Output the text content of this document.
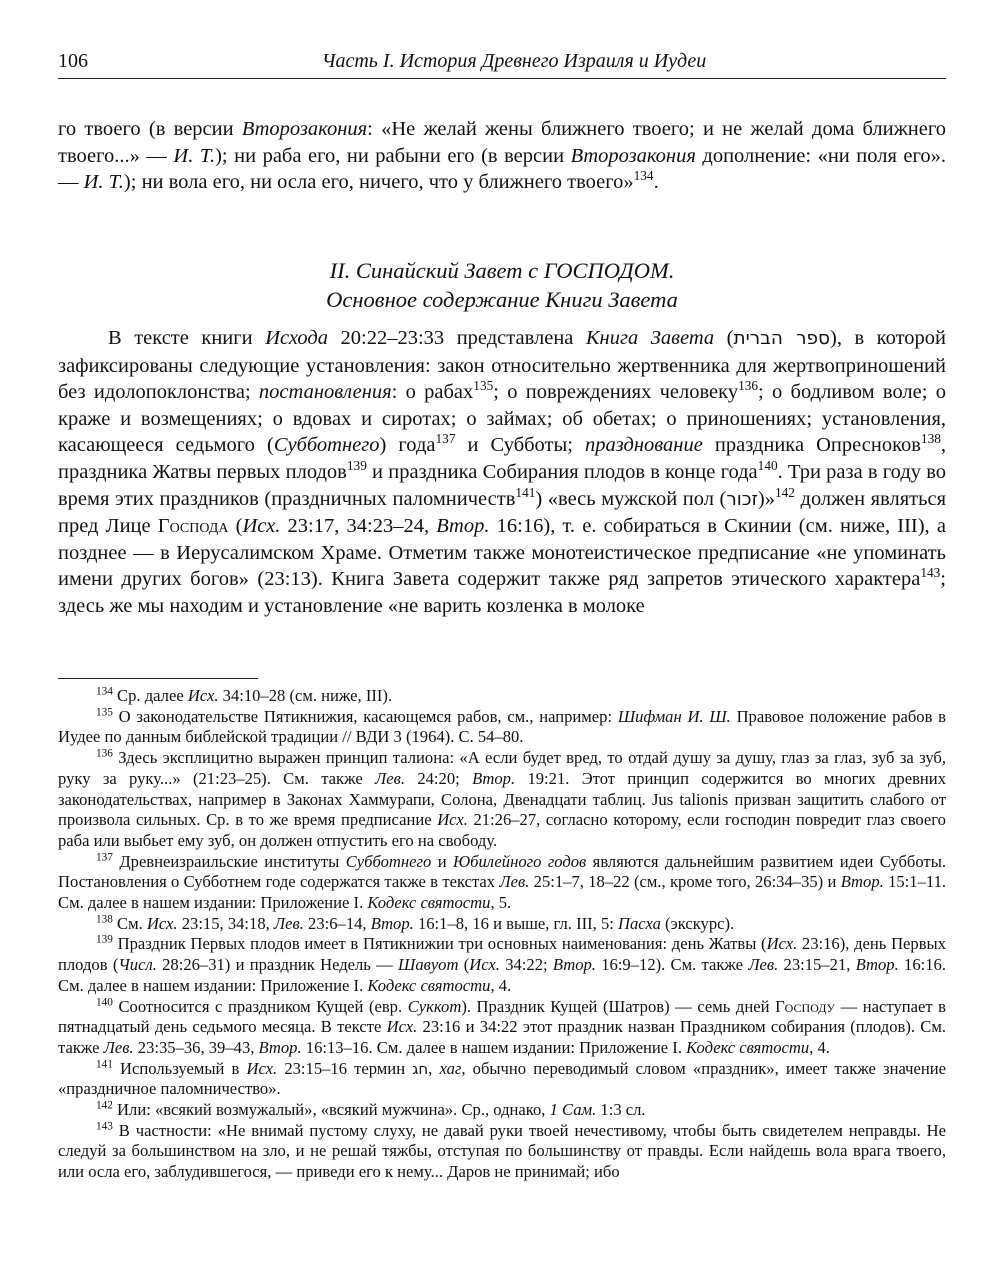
106	Часть I. История Древнего Израиля и Иудеи
го твоего (в версии Второзакония: «Не желай жены ближнего твоего; и не желай дома ближнего твоего...» — И. Т.); ни раба его, ни рабыни его (в версии Второзакония дополнение: «ни поля его». — И. Т.); ни вола его, ни осла его, ничего, что у ближнего твоего»$^{134}$.
II. Синайский Завет с ГОСПОДОМ.
Основное содержание Книги Завета

В тексте книги Исхода 20:22–23:33 представлена Книга Завета (ספר הברית), в которой зафиксированы следующие установления: закон относительно жертвенника для жертвоприношений без идолопоклонства; постановления: о рабах$^{135}$; о повреждениях человеку$^{136}$; о бодливом воле; о краже и возмещениях; о вдовах и сиротах; о займах; об обетах; о приношениях; установления, касающееся седьмого (Субботнего) года$^{137}$ и Субботы; празднование праздника Опресноков$^{138}$, праздника Жатвы первых плодов$^{139}$ и праздника Собирания плодов в конце года$^{140}$. Три раза в году во время этих праздников (праздничных паломничеств$^{141}$) «весь мужской пол (זכור)»$^{142}$ должен являться пред Лице Господа (Исх. 23:17, 34:23–24, Втор. 16:16), т. е. собираться в Скинии (см. ниже, III), а позднее — в Иерусалимском Храме. Отметим также монотеистическое предписание «не упоминать имени других богов» (23:13). Книга Завета содержит также ряд запретов этического характера$^{143}$; здесь же мы находим и установление «не варить козленка в молоке

$^{134}$ Ср. далее Исх. 34:10–28 (см. ниже, III).

$^{135}$ О законодательстве Пятикнижия, касающемся рабов, см., например: Шифман И. Ш. Правовое положение рабов в Иудее по данным библейской традиции // ВДИ 3 (1964). С. 54–80.

$^{136}$ Здесь эксплицитно выражен принцип талиона: «А если будет вред, то отдай душу за душу, глаз за глаз, зуб за зуб, руку за руку...» (21:23–25). См. также Лев. 24:20; Втор. 19:21. Этот принцип содержится во многих древних законодательствах, например в Законах Хаммурапи, Солона, Двенадцати таблиц. Jus talionis призван защитить слабого от произвола сильных. Ср. в то же время предписание Исх. 21:26–27, согласно которому, если господин повредит глаз своего раба или выбьет ему зуб, он должен отпустить его на свободу.

$^{137}$ Древнеизраильские институты Субботнего и Юбилейного годов являются дальнейшим развитием идеи Субботы. Постановления о Субботнем годе содержатся также в текстах Лев. 25:1–7, 18–22 (см., кроме того, 26:34–35) и Втор. 15:1–11. См. далее в нашем издании: Приложение I. Кодекс святости, 5.

$^{138}$ См. Исх. 23:15, 34:18, Лев. 23:6–14, Втор. 16:1–8, 16 и выше, гл. III, 5: Пасха (экскурс).

$^{139}$ Праздник Первых плодов имеет в Пятикнижии три основных наименования: день Жатвы (Исх. 23:16), день Первых плодов (Числ. 28:26–31) и праздник Недель — Шавуот (Исх. 34:22; Втор. 16:9–12). См. также Лев. 23:15–21, Втор. 16:16. См. далее в нашем издании: Приложение I. Кодекс святости, 4.

$^{140}$ Соотносится с праздником Кущей (евр. Суккот). Праздник Кущей (Шатров) — семь дней Господу — наступает в пятнадцатый день седьмого месяца. В тексте Исх. 23:16 и 34:22 этот праздник назван Праздником собирания (плодов). См. также Лев. 23:35–36, 39–43, Втор. 16:13–16. См. далее в нашем издании: Приложение I. Кодекс святости, 4.

$^{141}$ Используемый в Исх. 23:15–16 термин חג, хаг, обычно переводимый словом «праздник», имеет также значение «праздничное паломничество».

$^{142}$ Или: «всякий возмужалый», «всякий мужчина». Ср., однако, 1 Сам. 1:3 сл.

$^{143}$ В частности: «Не внимай пустому слуху, не давай руки твоей нечестивому, чтобы быть свидетелем неправды. Не следуй за большинством на зло, и не решай тяжбы, отступая по большинству от правды. Если найдешь вола врага твоего, или осла его, заблудившегося, — приведи его к нему... Даров не принимай; ибо
